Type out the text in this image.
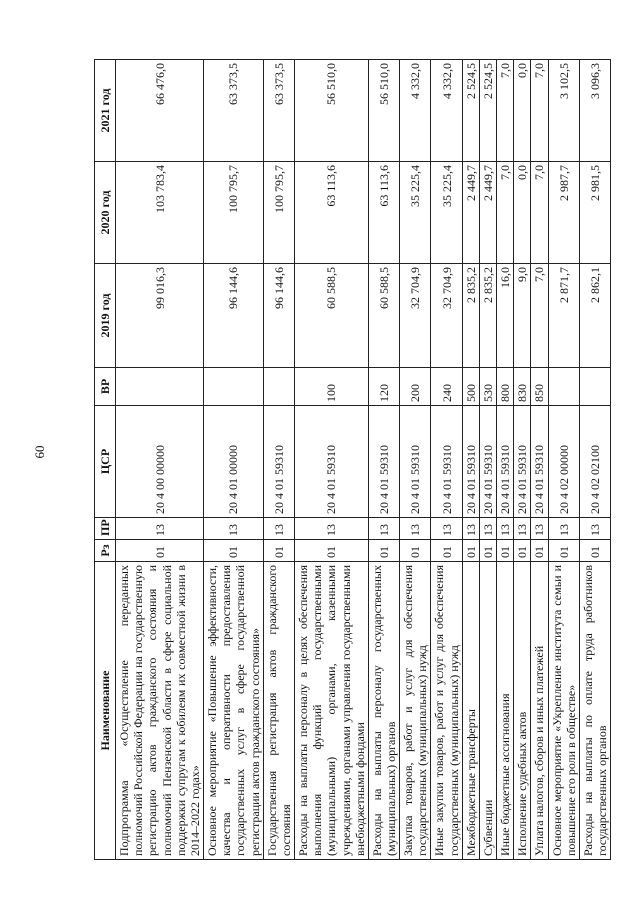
60
Наименование	Рз	ПР	ЦСР	ВР	2019 год	2020 год	2021 год
Подпрограмма «Осуществление переданных полномочий Российской Федерации на государственную регистрацию актов гражданского состояния и полномочий Пензенской области в сфере социальной поддержки супругам к юбилеям их совместной жизни в 2014–2022 годах»	01	13	20 4 00 00000		99 016,3	103 783,4	66 476,0
Основное мероприятие «Повышение эффективности, качества и оперативности предоставления государственных услуг в сфере государственной регистрации актов гражданского состояния»	01	13	20 4 01 00000		96 144,6	100 795,7	63 373,5
Государственная регистрация актов гражданского состояния	01	13	20 4 01 59310		96 144,6	100 795,7	63 373,5
Расходы на выплаты персоналу в целях обеспечения выполнения функций государственными (муниципальными) органами, казенными учреждениями, органами управления государственными внебюджетными фондами	01	13	20 4 01 59310	100	60 588,5	63 113,6	56 510,0
Расходы на выплаты персоналу государственных (муниципальных) органов	01	13	20 4 01 59310	120	60 588,5	63 113,6	56 510,0
Закупка товаров, работ и услуг для обеспечения государственных (муниципальных) нужд	01	13	20 4 01 59310	200	32 704,9	35 225,4	4 332,0
Иные закупки товаров, работ и услуг для обеспечения государственных (муниципальных) нужд	01	13	20 4 01 59310	240	32 704,9	35 225,4	4 332,0
Межбюджетные трансферты	01	13	20 4 01 59310	500	2 835,2	2 449,7	2 524,5
Субвенции	01	13	20 4 01 59310	530	2 835,2	2 449,7	2 524,5
Иные бюджетные ассигнования	01	13	20 4 01 59310	800	16,0	7,0	7,0
Исполнение судебных актов	01	13	20 4 01 59310	830	9,0	0,0	0,0
Уплата налогов, сборов и иных платежей	01	13	20 4 01 59310	850	7,0	7,0	7,0
Основное мероприятие «Укрепление института семьи и повышение его роли в обществе»	01	13	20 4 02 00000		2 871,7	2 987,7	3 102,5
Расходы на выплаты по оплате труда работников государственных органов	01	13	20 4 02 02100		2 862,1	2 981,5	3 096,3
